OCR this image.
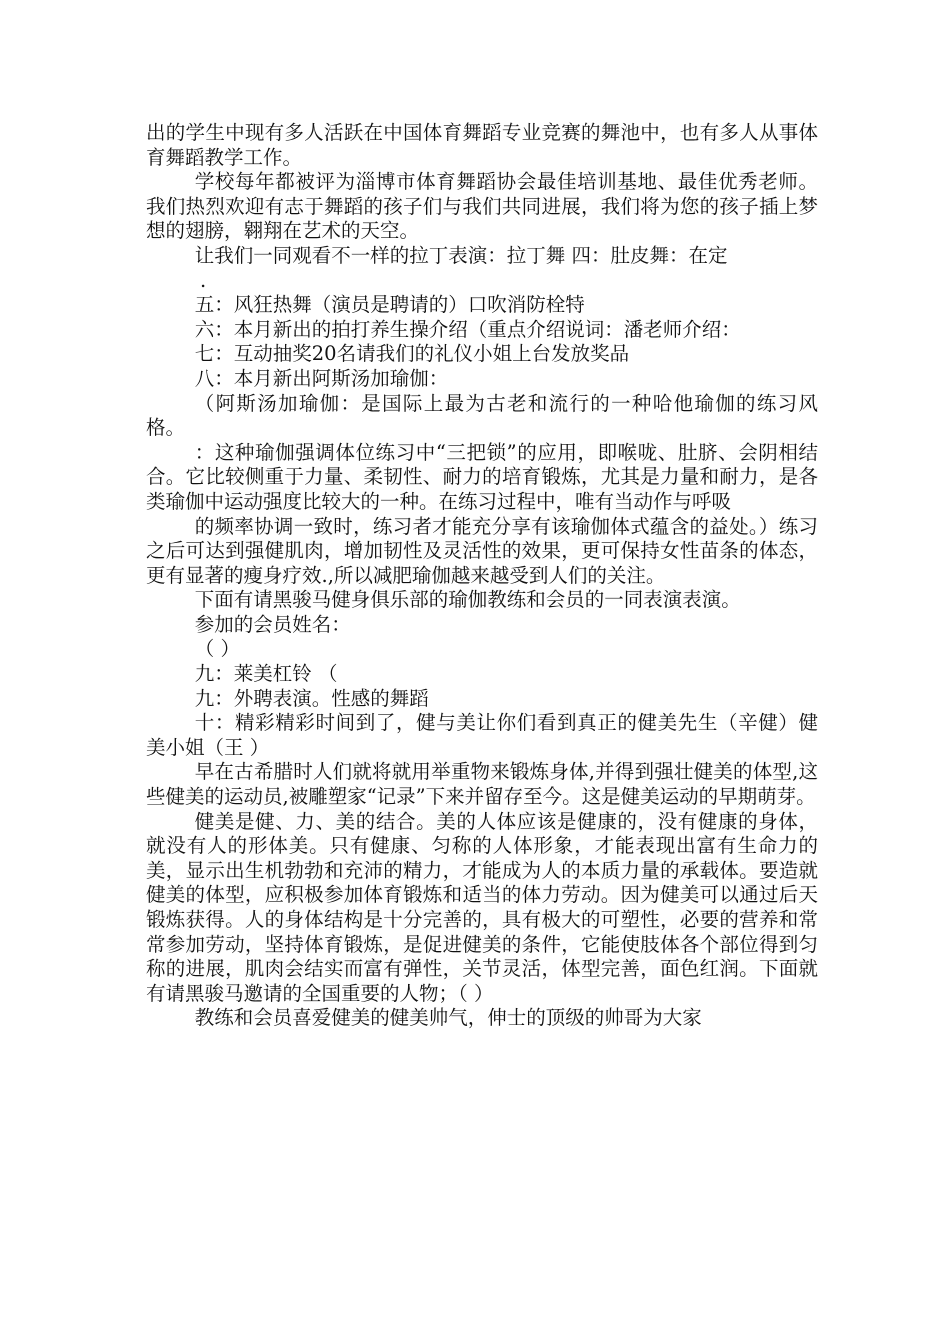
出的学生中现有多人活跃在中国体育舞蹈专业竞赛的舞池中，也有多人从事体育舞蹈教学工作。

学校每年都被评为淄博市体育舞蹈协会最佳培训基地、最佳优秀老师。我们热烈欢迎有志于舞蹈的孩子们与我们共同进展，我们将为您的孩子插上梦想的翅膀，翱翔在艺术的天空。

让我们一同观看不一样的拉丁表演：拉丁舞 四：肚皮舞：在定

.

五：风狂热舞（演员是聘请的）口吹消防栓特

六：本月新出的拍打养生操介绍（重点介绍说词：潘老师介绍：

七：互动抽奖20名请我们的礼仪小姐上台发放奖品

八：本月新出阿斯汤加瑜伽：

（阿斯汤加瑜伽：是国际上最为古老和流行的一种哈他瑜伽的练习风格。

：这种瑜伽强调体位练习中“三把锁”的应用，即喉咙、肚脐、会阴相结合。它比较侧重于力量、柔韧性、耐力的培育锻炼，尤其是力量和耐力，是各类瑜伽中运动强度比较大的一种。在练习过程中，唯有当动作与呼吸

的频率协调一致时，练习者才能充分享有该瑜伽体式蕴含的益处。）练习之后可达到强健肌肉，增加韧性及灵活性的效果，更可保持女性苗条的体态，更有显著的瘦身疗效.,所以减肥瑜伽越来越受到人们的关注。

下面有请黑骏马健身俱乐部的瑜伽教练和会员的一同表演表演。

参加的会员姓名：

（ ）

九：莱美杠铃 （

九：外聘表演。性感的舞蹈

十：精彩精彩时间到了，健与美让你们看到真正的健美先生（辛健）健美小姐（王 ）

早在古希腊时人们就将就用举重物来锻炼身体,并得到强壮健美的体型,这些健美的运动员,被雕塑家“记录”下来并留存至今。这是健美运动的早期萌芽。

健美是健、力、美的结合。美的人体应该是健康的，没有健康的身体，就没有人的形体美。只有健康、匀称的人体形象，才能表现出富有生命力的美，显示出生机勃勃和充沛的精力，才能成为人的本质力量的承载体。要造就健美的体型，应积极参加体育锻炼和适当的体力劳动。因为健美可以通过后天锻炼获得。人的身体结构是十分完善的，具有极大的可塑性，必要的营养和常常参加劳动，坚持体育锻炼，是促进健美的条件，它能使肢体各个部位得到匀称的进展，肌肉会结实而富有弹性，关节灵活，体型完善，面色红润。下面就有请黑骏马邀请的全国重要的人物；（ ）

教练和会员喜爱健美的健美帅气，伸士的顶级的帅哥为大家
